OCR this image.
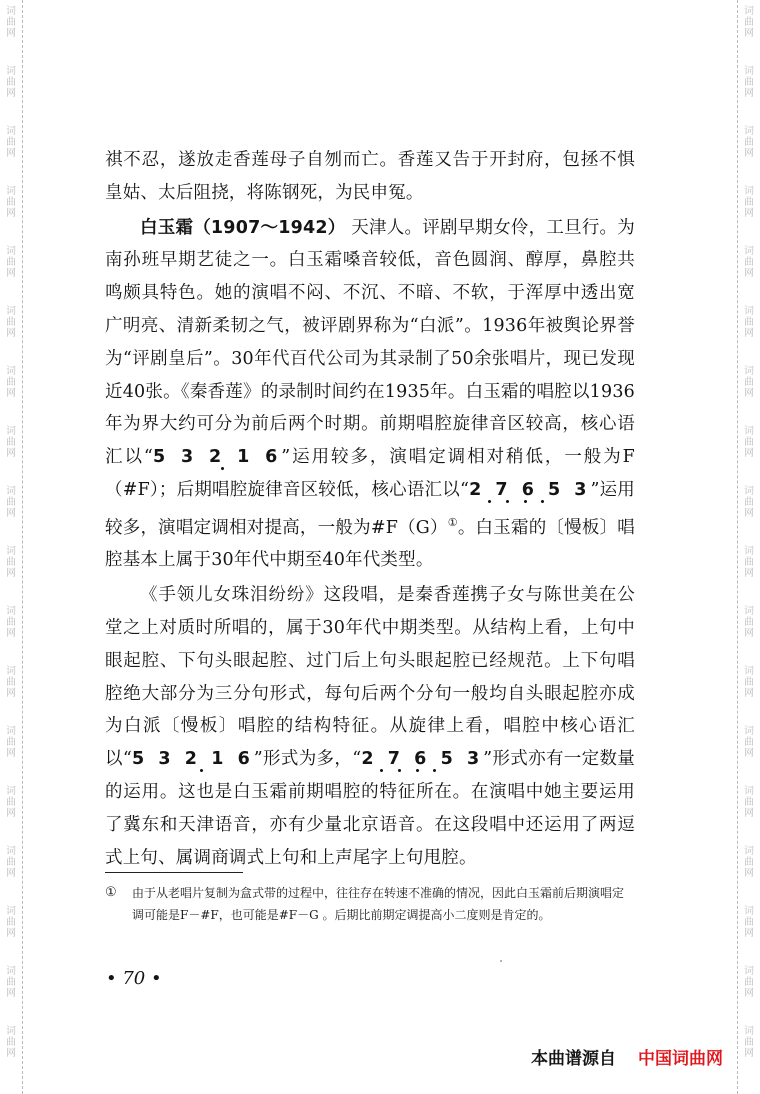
词
曲
网
词
曲
网
词
曲
网
词
曲
网
词
曲
网
词
曲
网
词
曲
网
词
曲
网
词
曲
网
词
曲
网
词
曲
网
词
曲
网
词
曲
网
词
曲
网
词
曲
网
词
曲
网
词
曲
网
词
曲
网
词
曲
网
词
曲
网
词
曲
网
词
曲
网
词
曲
网
词
曲
网
词
曲
网
词
曲
网
词
曲
网
词
曲
网
词
曲
网
词
曲
网
词
曲
网
词
曲
网
词
曲
网
词
曲
网
词
曲
网
词
曲
网

祺不忍，遂放走香莲母子自刎而亡。香莲又告于开封府，包拯不惧皇姑、太后阻挠，将陈钢死，为民申冤。

白玉霜（1907～1942） 天津人。评剧早期女伶，工旦行。为南孙班早期艺徒之一。白玉霜嗓音较低，音色圆润、醇厚，鼻腔共鸣颇具特色。她的演唱不闷、不沉、不暗、不软，于浑厚中透出宽广明亮、清新柔韧之气，被评剧界称为“白派”。1936年被舆论界誉为“评剧皇后”。30年代百代公司为其录制了50余张唱片，现已发现近40张。《秦香莲》的录制时间约在1935年。白玉霜的唱腔以1936年为界大约可分为前后两个时期。前期唱腔旋律音区较高，核心语汇以“5 3 2 1 6
”运用较多，演唱定调相对稍低，一般为F（#F）；后期唱腔旋律音区较低，核心语汇以“2 7 6 5 3
”运用较多，演唱定调相对提高，一般为#F（G）①。白玉霜的〔慢板〕唱腔基本上属于30年代中期至40年代类型。

《手领儿女珠泪纷纷》这段唱，是秦香莲携子女与陈世美在公堂之上对质时所唱的，属于30年代中期类型。从结构上看，上句中眼起腔、下句头眼起腔、过门后上句头眼起腔已经规范。上下句唱腔绝大部分为三分句形式，每句后两个分句一般均自头眼起腔亦成为白派〔慢板〕唱腔的结构特征。从旋律上看，唱腔中核心语汇以“5 3 2 1 6
”形式为多，“2 7 6 5 3
”形式亦有一定数量的运用。这也是白玉霜前期唱腔的特征所在。在演唱中她主要运用了冀东和天津语音，亦有少量北京语音。在这段唱中还运用了两逗式上句、属调商调式上句和上声尾字上句甩腔。

① 由于从老唱片复制为盒式带的过程中，往往存在转速不准确的情况，因此白玉霜前后期演唱定调可能是F－#F，也可能是#F－G 。后期比前期定调提高小二度则是肯定的。
• 70 •
本曲谱源自 中国词曲网
